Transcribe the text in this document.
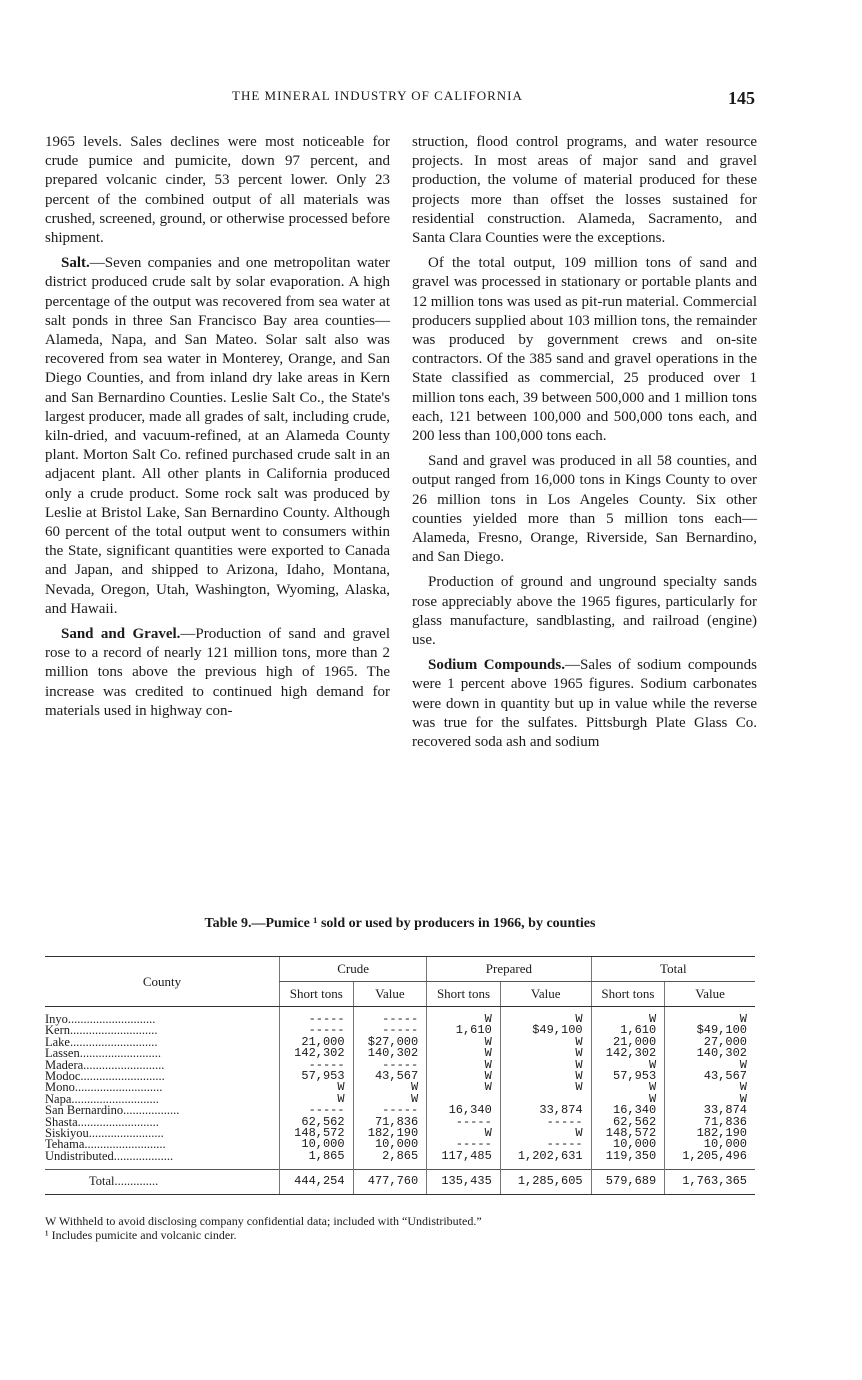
THE MINERAL INDUSTRY OF CALIFORNIA	145

1965 levels. Sales declines were most noticeable for crude pumice and pumicite, down 97 percent, and prepared volcanic cinder, 53 percent lower. Only 23 percent of the combined output of all materials was crushed, screened, ground, or otherwise processed before shipment.

Salt.—Seven companies and one metropolitan water district produced crude salt by solar evaporation. A high percentage of the output was recovered from sea water at salt ponds in three San Francisco Bay area counties—Alameda, Napa, and San Mateo. Solar salt also was recovered from sea water in Monterey, Orange, and San Diego Counties, and from inland dry lake areas in Kern and San Bernardino Counties. Leslie Salt Co., the State's largest producer, made all grades of salt, including crude, kiln-dried, and vacuum-refined, at an Alameda County plant. Morton Salt Co. refined purchased crude salt in an adjacent plant. All other plants in California produced only a crude product. Some rock salt was produced by Leslie at Bristol Lake, San Bernardino County. Although 60 percent of the total output went to consumers within the State, significant quantities were exported to Canada and Japan, and shipped to Arizona, Idaho, Montana, Nevada, Oregon, Utah, Washington, Wyoming, Alaska, and Hawaii.

Sand and Gravel.—Production of sand and gravel rose to a record of nearly 121 million tons, more than 2 million tons above the previous high of 1965. The increase was credited to continued high demand for materials used in highway con-

struction, flood control programs, and water resource projects. In most areas of major sand and gravel production, the volume of material produced for these projects more than offset the losses sustained for residential construction. Alameda, Sacramento, and Santa Clara Counties were the exceptions.

Of the total output, 109 million tons of sand and gravel was processed in stationary or portable plants and 12 million tons was used as pit-run material. Commercial producers supplied about 103 million tons, the remainder was produced by government crews and on-site contractors. Of the 385 sand and gravel operations in the State classified as commercial, 25 produced over 1 million tons each, 39 between 500,000 and 1 million tons each, 121 between 100,000 and 500,000 tons each, and 200 less than 100,000 tons each.

Sand and gravel was produced in all 58 counties, and output ranged from 16,000 tons in Kings County to over 26 million tons in Los Angeles County. Six other counties yielded more than 5 million tons each—Alameda, Fresno, Orange, Riverside, San Bernardino, and San Diego.

Production of ground and unground specialty sands rose appreciably above the 1965 figures, particularly for glass manufacture, sandblasting, and railroad (engine) use.

Sodium Compounds.—Sales of sodium compounds were 1 percent above 1965 figures. Sodium carbonates were down in quantity but up in value while the reverse was true for the sulfates. Pittsburgh Plate Glass Co. recovered soda ash and sodium

Table 9.—Pumice ¹ sold or used by producers in 1966, by counties
County	Crude		Prepared		Total	
	Short tons	Value	Short tons	Value	Short tons	Value
Inyo............................	-----	-----	W	W	W	W
Kern............................	-----	-----	1,610	$49,100	1,610	$49,100
Lake............................	21,000	$27,000	W	W	21,000	27,000
Lassen..........................	142,302	140,302	W	W	142,302	140,302
Madera..........................	-----	-----	W	W	W	W
Modoc...........................	57,953	43,567	W	W	57,953	43,567
Mono............................	W	W	W	W	W	W
Napa............................	W	W			W	W
San Bernardino..................	-----	-----	16,340	33,874	16,340	33,874
Shasta..........................	62,562	71,836	-----	-----	62,562	71,836
Siskiyou........................	148,572	182,190	W	W	148,572	182,190
Tehama..........................	10,000	10,000	-----	-----	10,000	10,000
Undistributed...................	1,865	2,865	117,485	1,202,631	119,350	1,205,496
Total..............	444,254	477,760	135,435	1,285,605	579,689	1,763,365
W Withheld to avoid disclosing company confidential data; included with “Undistributed.”
¹ Includes pumicite and volcanic cinder.
